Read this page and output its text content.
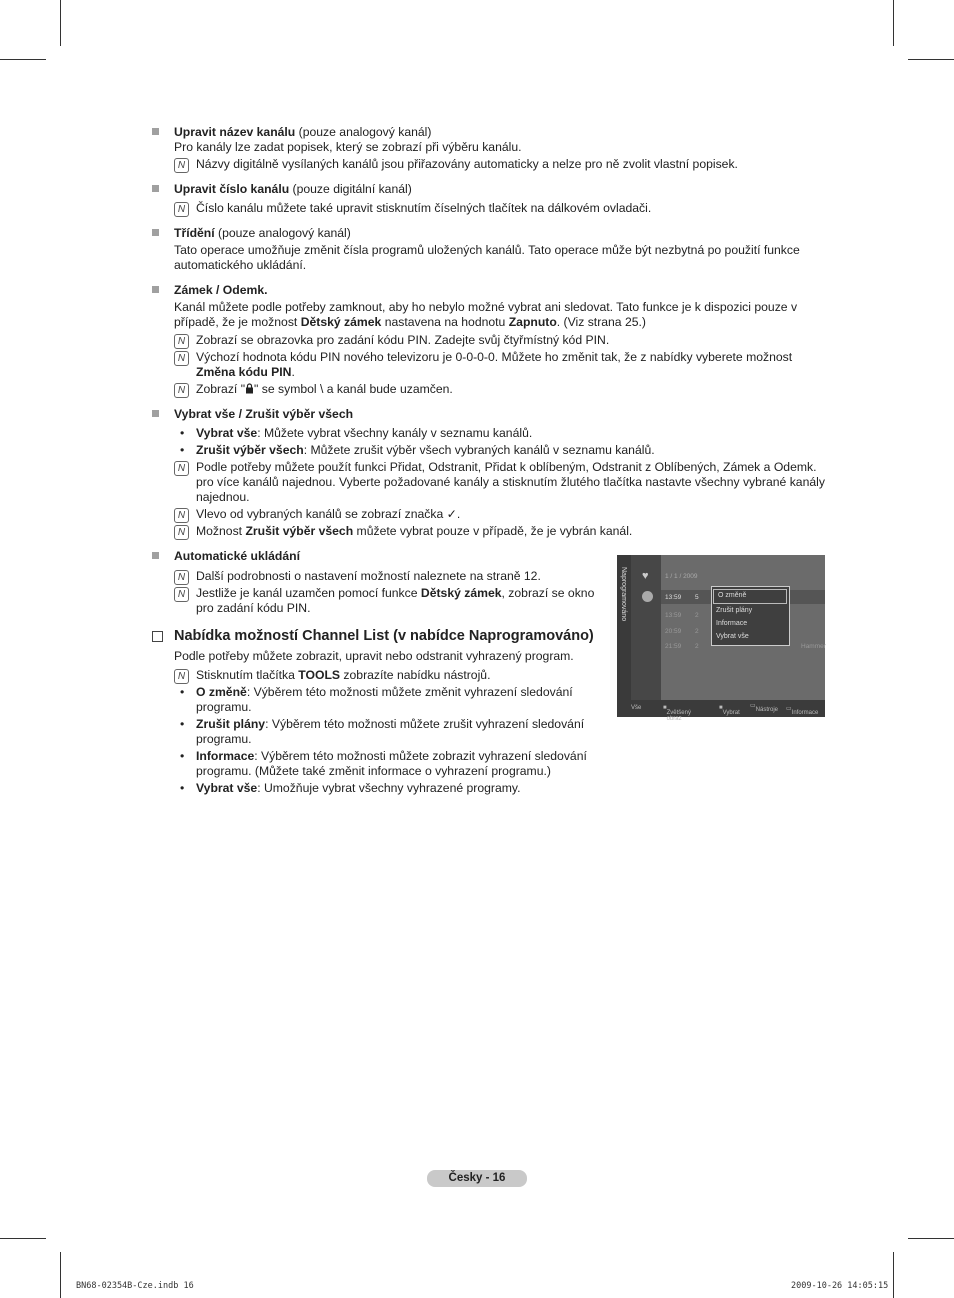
Upravit název kanálu (pouze analogový kanál)
Pro kanály lze zadat popisek, který se zobrazí při výběru kanálu.
N Názvy digitálně vysílaných kanálů jsou přiřazovány automaticky a nelze pro ně zvolit vlastní popisek.
Upravit číslo kanálu (pouze digitální kanál)
N Číslo kanálu můžete také upravit stisknutím číselných tlačítek na dálkovém ovladači.
Třídění (pouze analogový kanál)
Tato operace umožňuje změnit čísla programů uložených kanálů. Tato operace může být nezbytná po použití funkce automatického ukládání.
Zámek / Odemk.
Kanál můžete podle potřeby zamknout, aby ho nebylo možné vybrat ani sledovat. Tato funkce je k dispozici pouze v případě, že je možnost Dětský zámek nastavena na hodnotu Zapnuto. (Viz strana 25.)
N Zobrazí se obrazovka pro zadání kódu PIN. Zadejte svůj čtyřmístný kód PIN.
N Výchozí hodnota kódu PIN nového televizoru je 0-0-0-0. Můžete ho změnit tak, že z nabídky vyberete možnost Změna kódu PIN.
N Zobrazí " " se symbol \ a kanál bude uzamčen.
Vybrat vše / Zrušit výběr všech
• Vybrat vše: Můžete vybrat všechny kanály v seznamu kanálů.
• Zrušit výběr všech: Můžete zrušit výběr všech vybraných kanálů v seznamu kanálů.
N Podle potřeby můžete použít funkci Přidat, Odstranit, Přidat k oblíbeným, Odstranit z Oblíbených, Zámek a Odemk. pro více kanálů najednou. Vyberte požadované kanály a stisknutím žlutého tlačítka nastavte všechny vybrané kanály najednou.
N Vlevo od vybraných kanálů se zobrazí značka ✓.
N Možnost Zrušit výběr všech můžete vybrat pouze v případě, že je vybrán kanál.
Automatické ukládání
N Další podrobnosti o nastavení možností naleznete na straně 12.
N Jestliže je kanál uzamčen pomocí funkce Dětský zámek, zobrazí se okno pro zadání kódu PIN.
Nabídka možností Channel List (v nabídce Naprogramováno)
Podle potřeby můžete zobrazit, upravit nebo odstranit vyhrazený program.
N Stisknutím tlačítka TOOLS zobrazíte nabídku nástrojů.
• O změně: Výběrem této možnosti můžete změnit vyhrazení sledování programu.
• Zrušit plány: Výběrem této možnosti můžete zrušit vyhrazení sledování programu.
• Informace: Výběrem této možnosti můžete zobrazit vyhrazení sledování programu. (Můžete také změnit informace o vyhrazení programu.)
• Vybrat vše: Umožňuje vybrat všechny vyhrazené programy.
Naprogramováno ♥	1 / 1 / 2009
13:59 5
13:59 2
20:59 2
21:59 2	Hammer
O změně
Zrušit plány
Informace
Vybrat vše
Vše	■
Zvětšený obraz
■
Vybrat
▭
Nástroje ▭
Informace
Česky - 16
BN68-02354B-Cze.indb 16	2009-10-26 14:05:15
